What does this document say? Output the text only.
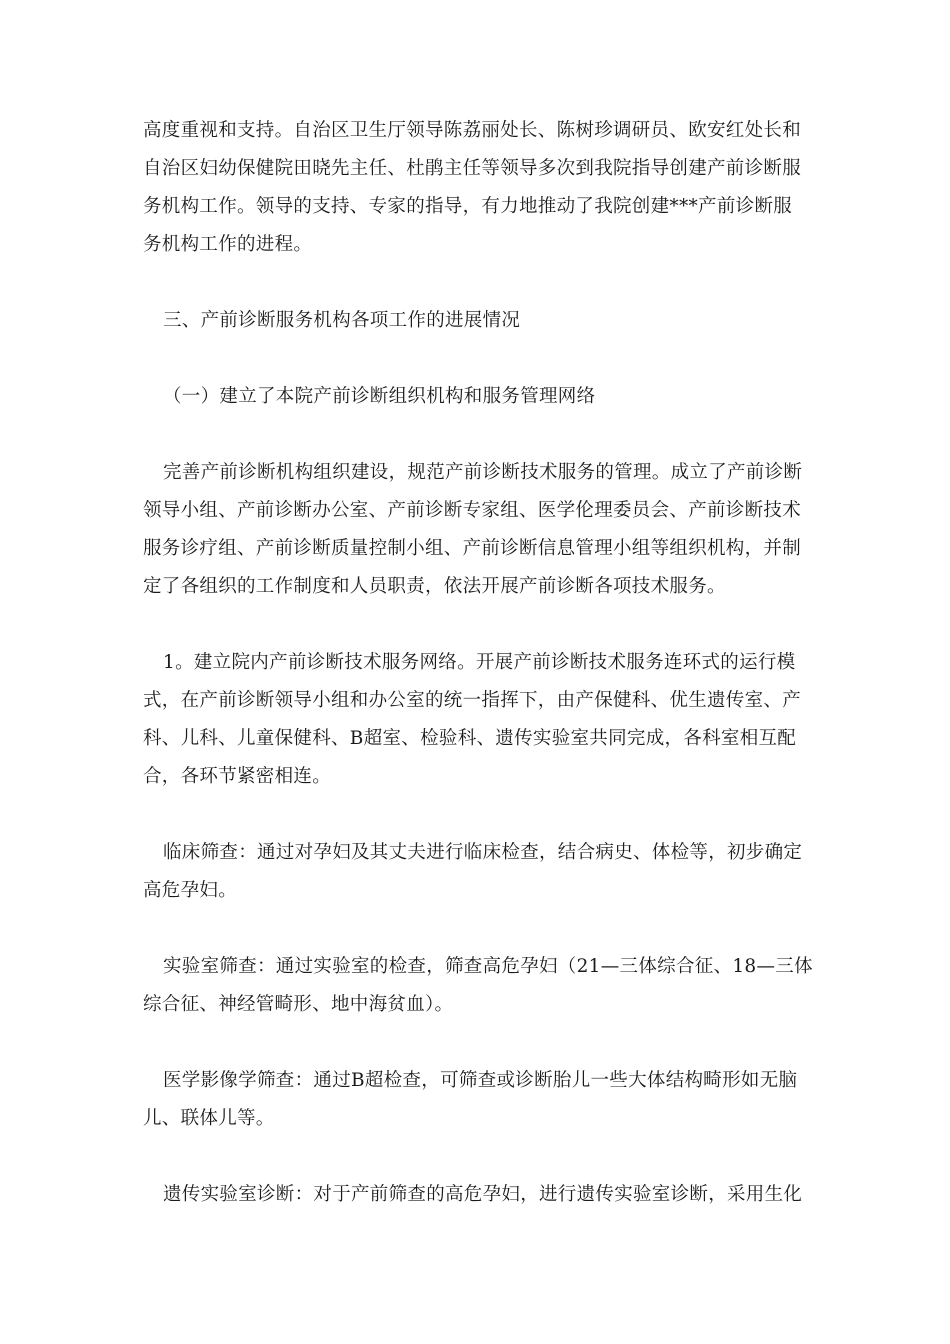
高度重视和支持。自治区卫生厅领导陈荔丽处长、陈树珍调研员、欧安红处长和
自治区妇幼保健院田晓先主任、杜鹃主任等领导多次到我院指导创建产前诊断服
务机构工作。领导的支持、专家的指导，有力地推动了我院创建***产前诊断服
务机构工作的进程。

三、产前诊断服务机构各项工作的进展情况

（一）建立了本院产前诊断组织机构和服务管理网络

完善产前诊断机构组织建设，规范产前诊断技术服务的管理。成立了产前诊断
领导小组、产前诊断办公室、产前诊断专家组、医学伦理委员会、产前诊断技术
服务诊疗组、产前诊断质量控制小组、产前诊断信息管理小组等组织机构，并制
定了各组织的工作制度和人员职责，依法开展产前诊断各项技术服务。

1。建立院内产前诊断技术服务网络。开展产前诊断技术服务连环式的运行模
式，在产前诊断领导小组和办公室的统一指挥下，由产保健科、优生遗传室、产
科、儿科、儿童保健科、B超室、检验科、遗传实验室共同完成，各科室相互配
合，各环节紧密相连。

临床筛查：通过对孕妇及其丈夫进行临床检查，结合病史、体检等，初步确定
高危孕妇。

实验室筛查：通过实验室的检查，筛查高危孕妇（21—三体综合征、18—三体
综合征、神经管畸形、地中海贫血）。

医学影像学筛查：通过B超检查，可筛查或诊断胎儿一些大体结构畸形如无脑
儿、联体儿等。

遗传实验室诊断：对于产前筛查的高危孕妇，进行遗传实验室诊断，采用生化
